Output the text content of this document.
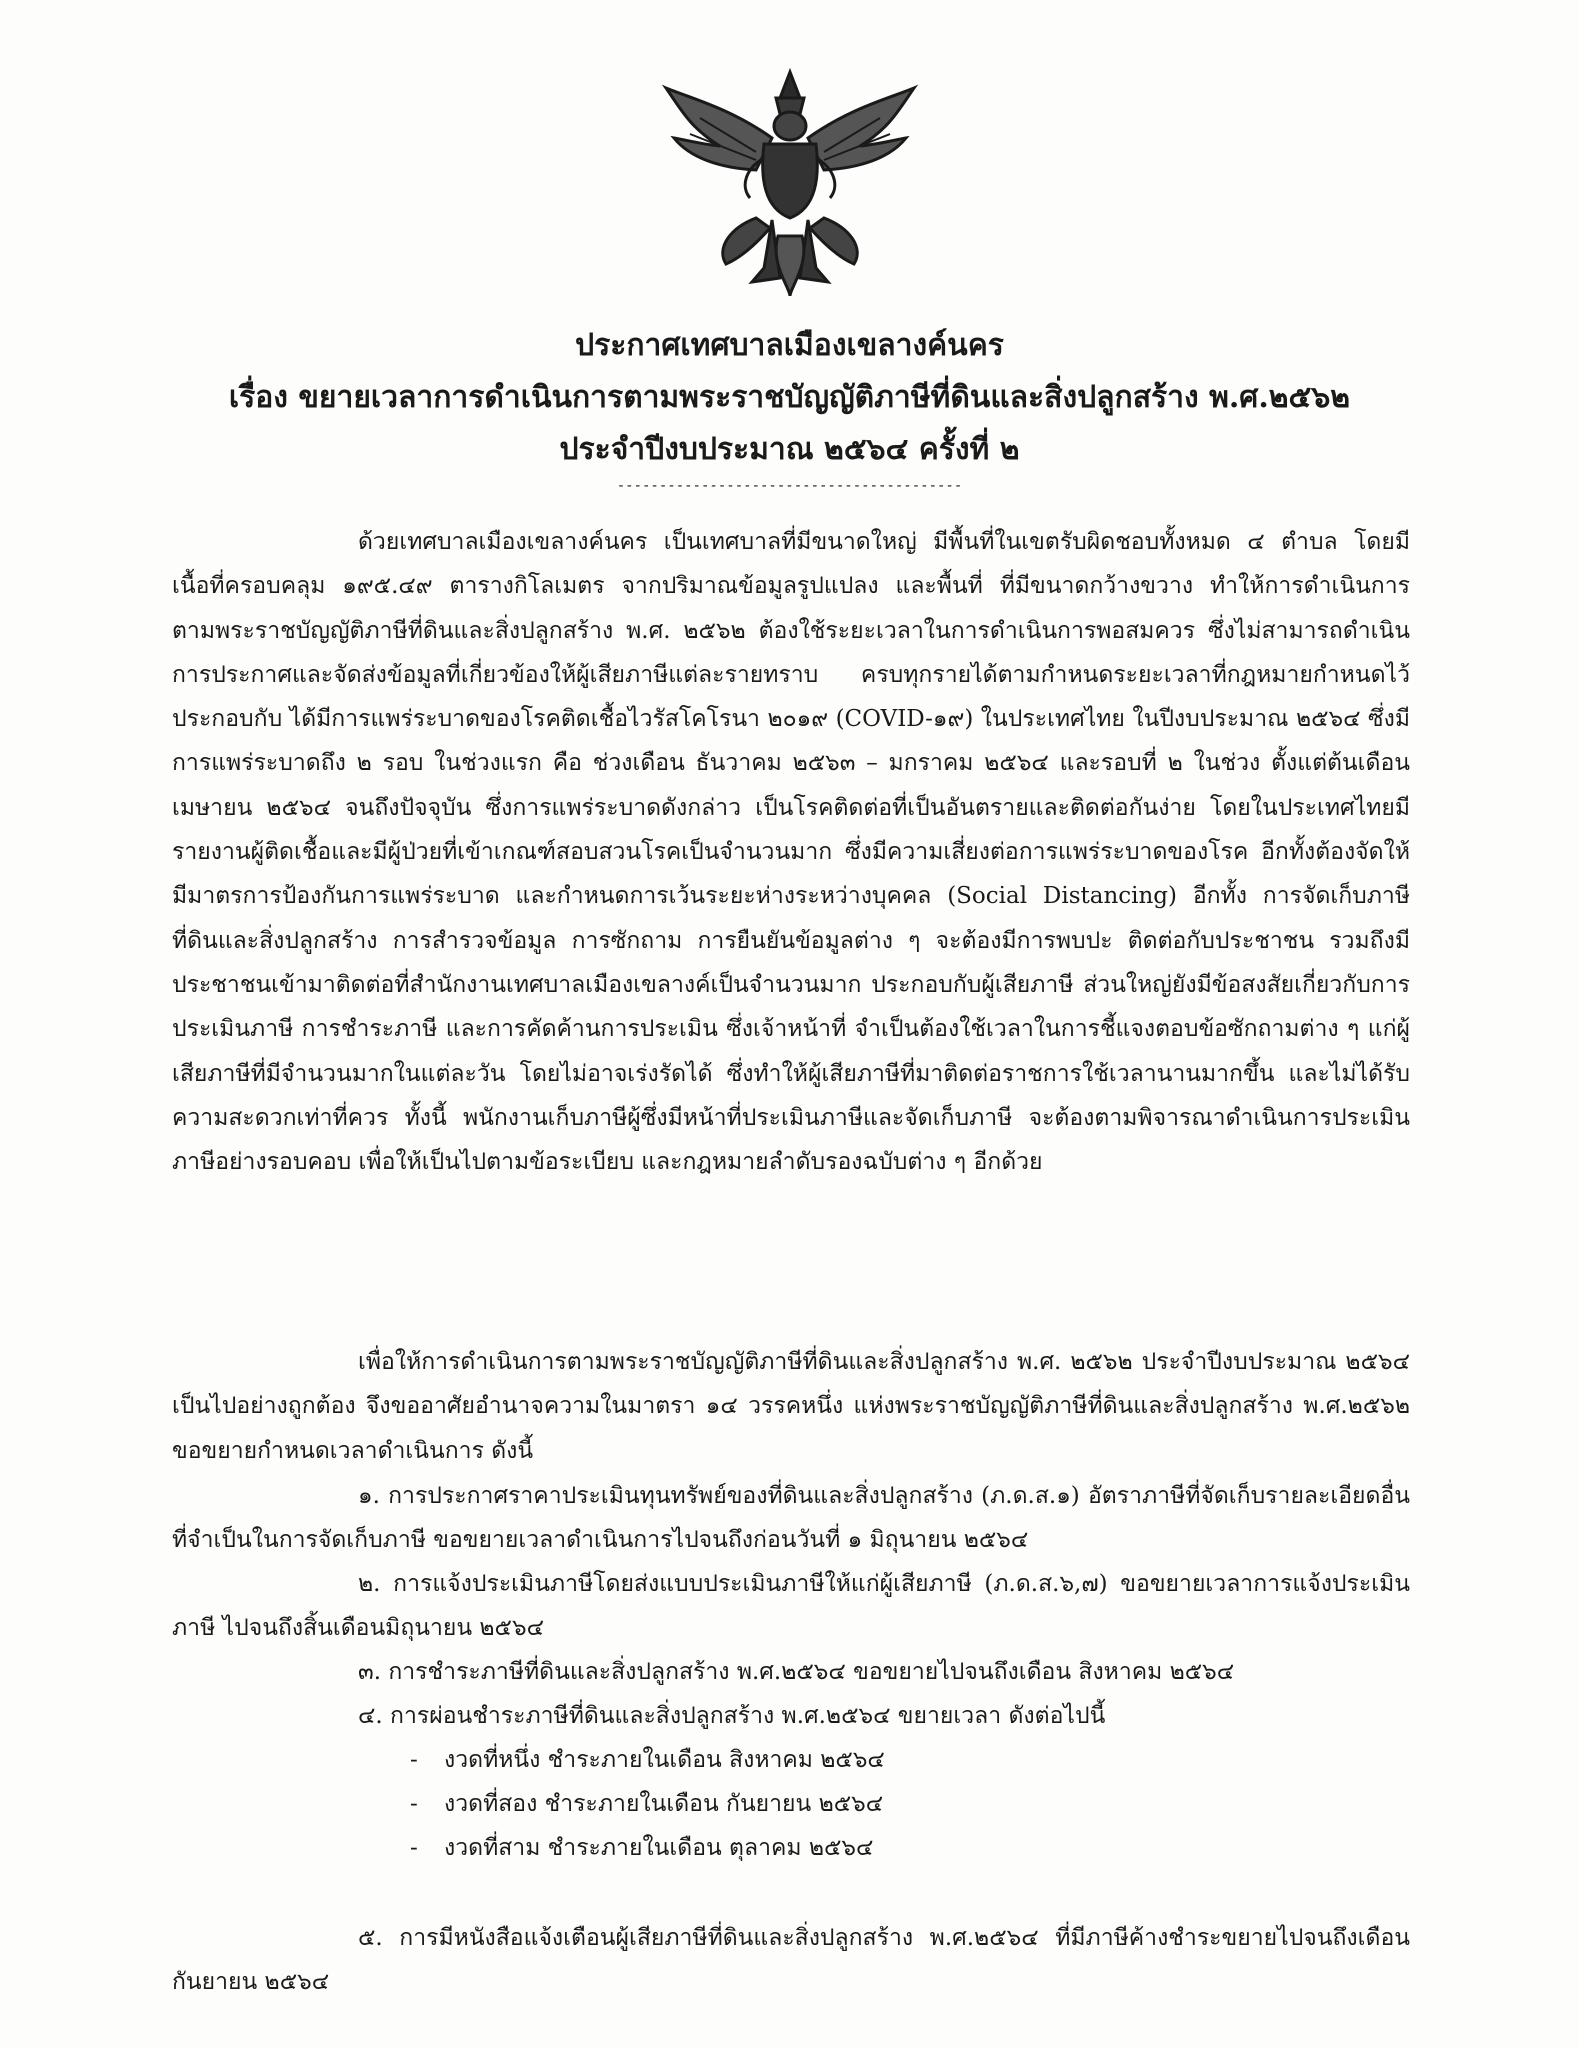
ประกาศเทศบาลเมืองเขลางค์นคร
เรื่อง ขยายเวลาการดำเนินการตามพระราชบัญญัติภาษีที่ดินและสิ่งปลูกสร้าง พ.ศ.๒๕๖๒
ประจำปีงบประมาณ ๒๕๖๔ ครั้งที่ ๒
-----------------------------------------
ด้วยเทศบาลเมืองเขลางค์นคร เป็นเทศบาลที่มีขนาดใหญ่ มีพื้นที่ในเขตรับผิดชอบทั้งหมด ๔ ตำบล โดยมีเนื้อที่ครอบคลุม ๑๙๕.๔๙ ตารางกิโลเมตร จากปริมาณข้อมูลรูปแปลง และพื้นที่ ที่มีขนาดกว้างขวาง ทำให้การดำเนินการตามพระราชบัญญัติภาษีที่ดินและสิ่งปลูกสร้าง พ.ศ. ๒๕๖๒ ต้องใช้ระยะเวลาในการดำเนินการพอสมควร ซึ่งไม่สามารถดำเนินการประกาศและจัดส่งข้อมูลที่เกี่ยวข้องให้ผู้เสียภาษีแต่ละรายทราบ ครบทุกรายได้ตามกำหนดระยะเวลาที่กฎหมายกำหนดไว้ ประกอบกับ ได้มีการแพร่ระบาดของโรคติดเชื้อไวรัสโคโรนา ๒๐๑๙ (COVID-๑๙) ในประเทศไทย ในปีงบประมาณ ๒๕๖๔ ซึ่งมีการแพร่ระบาดถึง ๒ รอบ ในช่วงแรก คือ ช่วงเดือน ธันวาคม ๒๕๖๓ – มกราคม ๒๕๖๔ และรอบที่ ๒ ในช่วง ตั้งแต่ต้นเดือนเมษายน ๒๕๖๔ จนถึงปัจจุบัน ซึ่งการแพร่ระบาดดังกล่าว เป็นโรคติดต่อที่เป็นอันตรายและติดต่อกันง่าย โดยในประเทศไทยมีรายงานผู้ติดเชื้อและมีผู้ป่วยที่เข้าเกณฑ์สอบสวนโรคเป็นจำนวนมาก ซึ่งมีความเสี่ยงต่อการแพร่ระบาดของโรค อีกทั้งต้องจัดให้มีมาตรการป้องกันการแพร่ระบาด และกำหนดการเว้นระยะห่างระหว่างบุคคล (Social Distancing) อีกทั้ง การจัดเก็บภาษีที่ดินและสิ่งปลูกสร้าง การสำรวจข้อมูล การซักถาม การยืนยันข้อมูลต่าง ๆ จะต้องมีการพบปะ ติดต่อกับประชาชน รวมถึงมีประชาชนเข้ามาติดต่อที่สำนักงานเทศบาลเมืองเขลางค์เป็นจำนวนมาก ประกอบกับผู้เสียภาษี ส่วนใหญ่ยังมีข้อสงสัยเกี่ยวกับการประเมินภาษี การชำระภาษี และการคัดค้านการประเมิน ซึ่งเจ้าหน้าที่ จำเป็นต้องใช้เวลาในการชี้แจงตอบข้อซักถามต่าง ๆ แก่ผู้เสียภาษีที่มีจำนวนมากในแต่ละวัน โดยไม่อาจเร่งรัดได้ ซึ่งทำให้ผู้เสียภาษีที่มาติดต่อราชการใช้เวลานานมากขึ้น และไม่ได้รับความสะดวกเท่าที่ควร ทั้งนี้ พนักงานเก็บภาษีผู้ซึ่งมีหน้าที่ประเมินภาษีและจัดเก็บภาษี จะต้องตามพิจารณาดำเนินการประเมินภาษีอย่างรอบคอบ เพื่อให้เป็นไปตามข้อระเบียบ และกฎหมายลำดับรองฉบับต่าง ๆ อีกด้วย
เพื่อให้การดำเนินการตามพระราชบัญญัติภาษีที่ดินและสิ่งปลูกสร้าง พ.ศ. ๒๕๖๒ ประจำปีงบประมาณ ๒๕๖๔ เป็นไปอย่างถูกต้อง จึงขออาศัยอำนาจความในมาตรา ๑๔ วรรคหนึ่ง แห่งพระราชบัญญัติภาษีที่ดินและสิ่งปลูกสร้าง พ.ศ.๒๕๖๒ ขอขยายกำหนดเวลาดำเนินการ ดังนี้
๑. การประกาศราคาประเมินทุนทรัพย์ของที่ดินและสิ่งปลูกสร้าง (ภ.ด.ส.๑) อัตราภาษีที่จัดเก็บรายละเอียดอื่นที่จำเป็นในการจัดเก็บภาษี ขอขยายเวลาดำเนินการไปจนถึงก่อนวันที่ ๑ มิถุนายน ๒๕๖๔
๒. การแจ้งประเมินภาษีโดยส่งแบบประเมินภาษีให้แก่ผู้เสียภาษี (ภ.ด.ส.๖,๗) ขอขยายเวลาการแจ้งประเมินภาษี ไปจนถึงสิ้นเดือนมิถุนายน ๒๕๖๔
๓. การชำระภาษีที่ดินและสิ่งปลูกสร้าง พ.ศ.๒๕๖๔ ขอขยายไปจนถึงเดือน สิงหาคม ๒๕๖๔
๔. การผ่อนชำระภาษีที่ดินและสิ่งปลูกสร้าง พ.ศ.๒๕๖๔ ขยายเวลา ดังต่อไปนี้
- งวดที่หนึ่ง ชำระภายในเดือน สิงหาคม ๒๕๖๔
- งวดที่สอง ชำระภายในเดือน กันยายน ๒๕๖๔
- งวดที่สาม ชำระภายในเดือน ตุลาคม ๒๕๖๔
๕. การมีหนังสือแจ้งเตือนผู้เสียภาษีที่ดินและสิ่งปลูกสร้าง พ.ศ.๒๕๖๔ ที่มีภาษีค้างชำระขยายไปจนถึงเดือน กันยายน ๒๕๖๔
